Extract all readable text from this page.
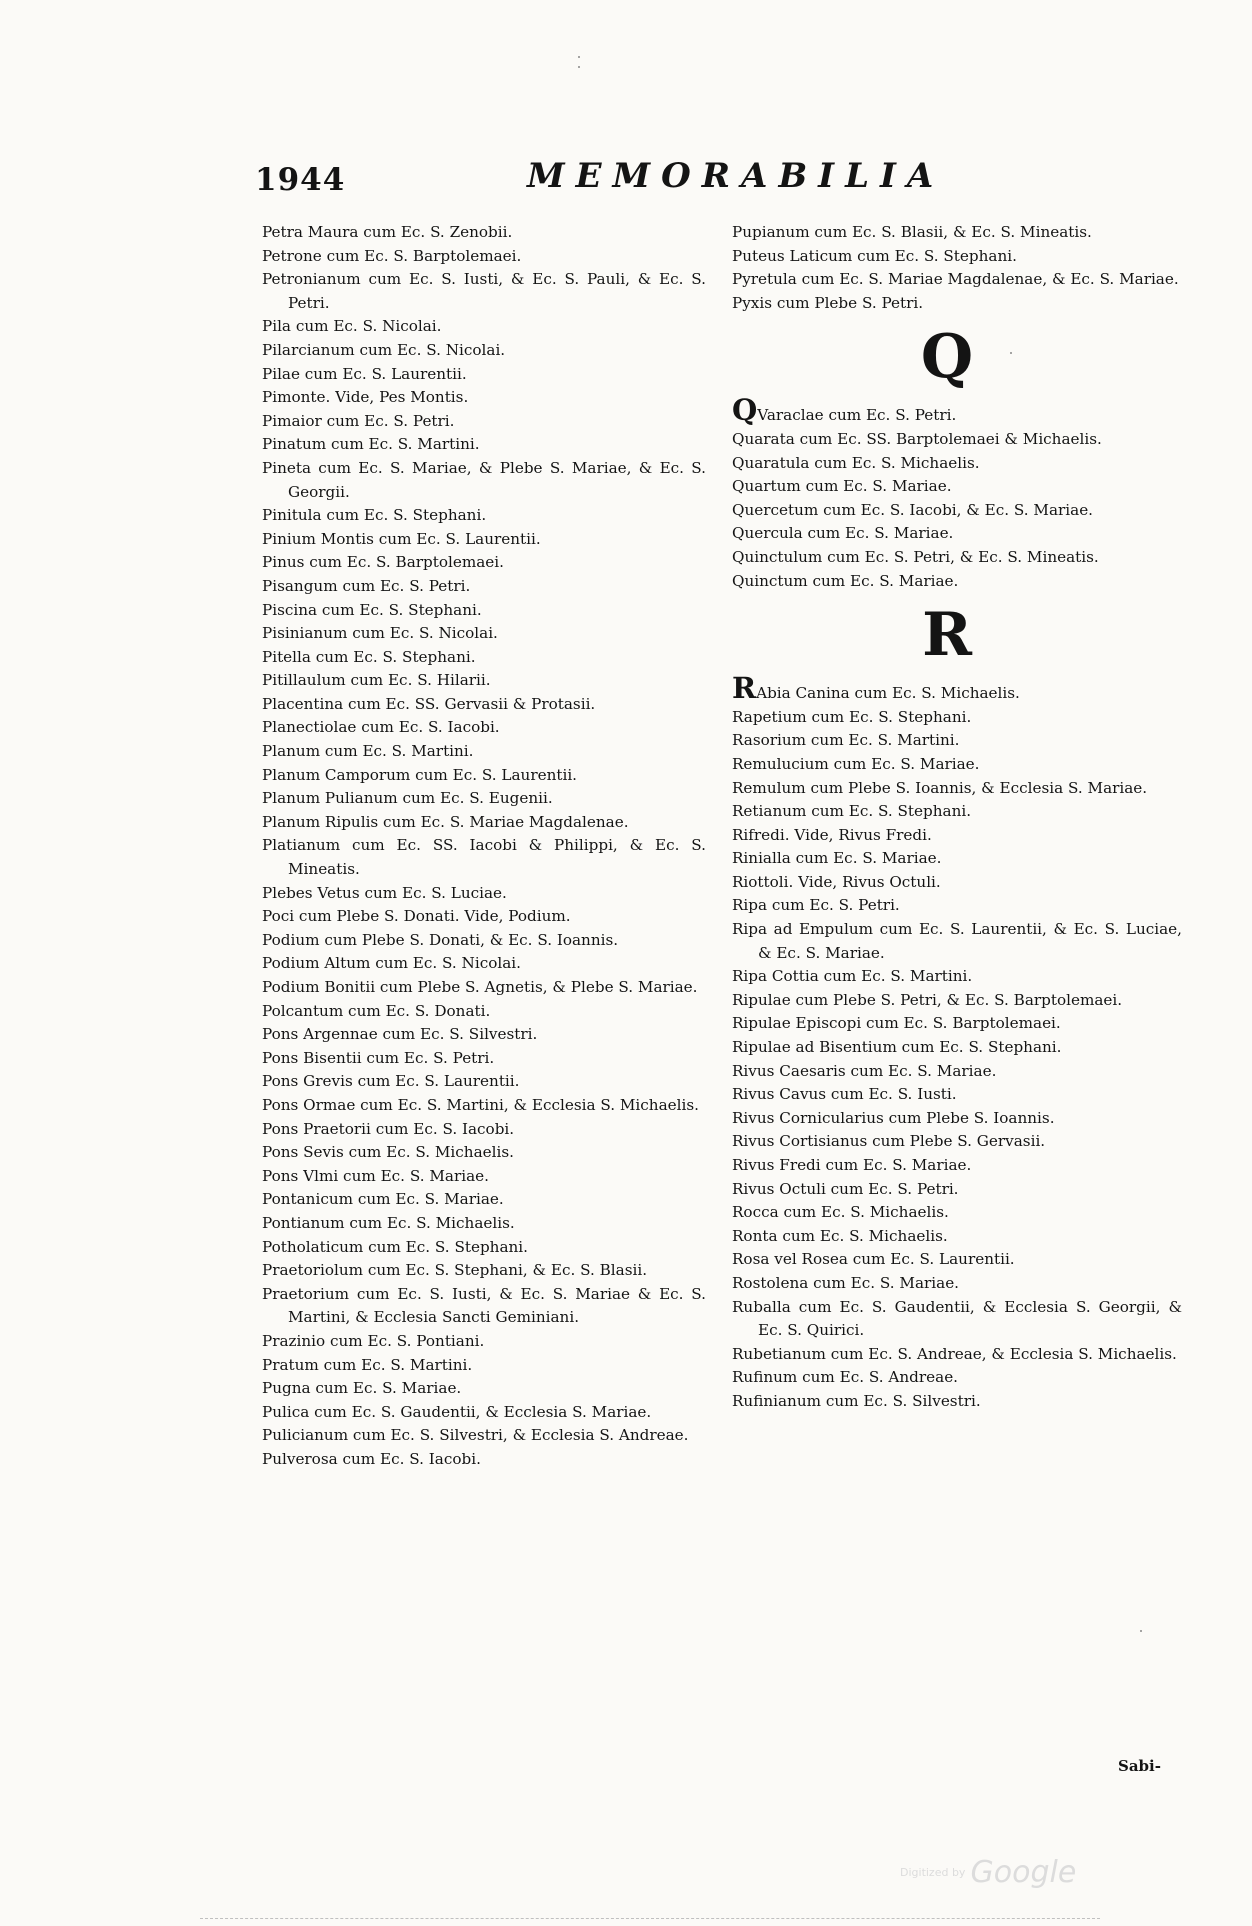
1944	MEMORABILIA
Petra Maura cum Ec. S. Zenobii.
Petrone cum Ec. S. Barptolemaei.
Petronianum cum Ec. S. Iusti, & Ec. S. Pauli, & Ec. S. Petri.
Pila cum Ec. S. Nicolai.
Pilarcianum cum Ec. S. Nicolai.
Pilae cum Ec. S. Laurentii.
Pimonte. Vide, Pes Montis.
Pimaior cum Ec. S. Petri.
Pinatum cum Ec. S. Martini.
Pineta cum Ec. S. Mariae, & Plebe S. Mariae, & Ec. S. Georgii.
Pinitula cum Ec. S. Stephani.
Pinium Montis cum Ec. S. Laurentii.
Pinus cum Ec. S. Barptolemaei.
Pisangum cum Ec. S. Petri.
Piscina cum Ec. S. Stephani.
Pisinianum cum Ec. S. Nicolai.
Pitella cum Ec. S. Stephani.
Pitillaulum cum Ec. S. Hilarii.
Placentina cum Ec. SS. Gervasii & Protasii.
Planectiolae cum Ec. S. Iacobi.
Planum cum Ec. S. Martini.
Planum Camporum cum Ec. S. Laurentii.
Planum Pulianum cum Ec. S. Eugenii.
Planum Ripulis cum Ec. S. Mariae Magdalenae.
Platianum cum Ec. SS. Iacobi & Philippi, & Ec. S. Mineatis.
Plebes Vetus cum Ec. S. Luciae.
Poci cum Plebe S. Donati. Vide, Podium.
Podium cum Plebe S. Donati, & Ec. S. Ioannis.
Podium Altum cum Ec. S. Nicolai.
Podium Bonitii cum Plebe S. Agnetis, & Plebe S. Mariae.
Polcantum cum Ec. S. Donati.
Pons Argennae cum Ec. S. Silvestri.
Pons Bisentii cum Ec. S. Petri.
Pons Grevis cum Ec. S. Laurentii.
Pons Ormae cum Ec. S. Martini, & Ecclesia S. Michaelis.
Pons Praetorii cum Ec. S. Iacobi.
Pons Sevis cum Ec. S. Michaelis.
Pons Vlmi cum Ec. S. Mariae.
Pontanicum cum Ec. S. Mariae.
Pontianum cum Ec. S. Michaelis.
Potholaticum cum Ec. S. Stephani.
Praetoriolum cum Ec. S. Stephani, & Ec. S. Blasii.
Praetorium cum Ec. S. Iusti, & Ec. S. Mariae & Ec. S. Martini, & Ecclesia Sancti Geminiani.
Prazinio cum Ec. S. Pontiani.
Pratum cum Ec. S. Martini.
Pugna cum Ec. S. Mariae.
Pulica cum Ec. S. Gaudentii, & Ecclesia S. Mariae.
Pulicianum cum Ec. S. Silvestri, & Ecclesia S. Andreae.
Pulverosa cum Ec. S. Iacobi.
Pupianum cum Ec. S. Blasii, & Ec. S. Mineatis.
Puteus Laticum cum Ec. S. Stephani.
Pyretula cum Ec. S. Mariae Magdalenae, & Ec. S. Mariae.
Pyxis cum Plebe S. Petri.
Q
QVaraclae cum Ec. S. Petri.
Quarata cum Ec. SS. Barptolemaei & Michaelis.
Quaratula cum Ec. S. Michaelis.
Quartum cum Ec. S. Mariae.
Quercetum cum Ec. S. Iacobi, & Ec. S. Mariae.
Quercula cum Ec. S. Mariae.
Quinctulum cum Ec. S. Petri, & Ec. S. Mineatis.
Quinctum cum Ec. S. Mariae.
R
RAbia Canina cum Ec. S. Michaelis.
Rapetium cum Ec. S. Stephani.
Rasorium cum Ec. S. Martini.
Remulucium cum Ec. S. Mariae.
Remulum cum Plebe S. Ioannis, & Ecclesia S. Mariae.
Retianum cum Ec. S. Stephani.
Rifredi. Vide, Rivus Fredi.
Rinialla cum Ec. S. Mariae.
Riottoli. Vide, Rivus Octuli.
Ripa cum Ec. S. Petri.
Ripa ad Empulum cum Ec. S. Laurentii, & Ec. S. Luciae, & Ec. S. Mariae.
Ripa Cottia cum Ec. S. Martini.
Ripulae cum Plebe S. Petri, & Ec. S. Barptolemaei.
Ripulae Episcopi cum Ec. S. Barptolemaei.
Ripulae ad Bisentium cum Ec. S. Stephani.
Rivus Caesaris cum Ec. S. Mariae.
Rivus Cavus cum Ec. S. Iusti.
Rivus Cornicularius cum Plebe S. Ioannis.
Rivus Cortisianus cum Plebe S. Gervasii.
Rivus Fredi cum Ec. S. Mariae.
Rivus Octuli cum Ec. S. Petri.
Rocca cum Ec. S. Michaelis.
Ronta cum Ec. S. Michaelis.
Rosa vel Rosea cum Ec. S. Laurentii.
Rostolena cum Ec. S. Mariae.
Ruballa cum Ec. S. Gaudentii, & Ecclesia S. Georgii, & Ec. S. Quirici.
Rubetianum cum Ec. S. Andreae, & Ecclesia S. Michaelis.
Rufinum cum Ec. S. Andreae.
Rufinianum cum Ec. S. Silvestri.
Sabi-
Digitized by Google
